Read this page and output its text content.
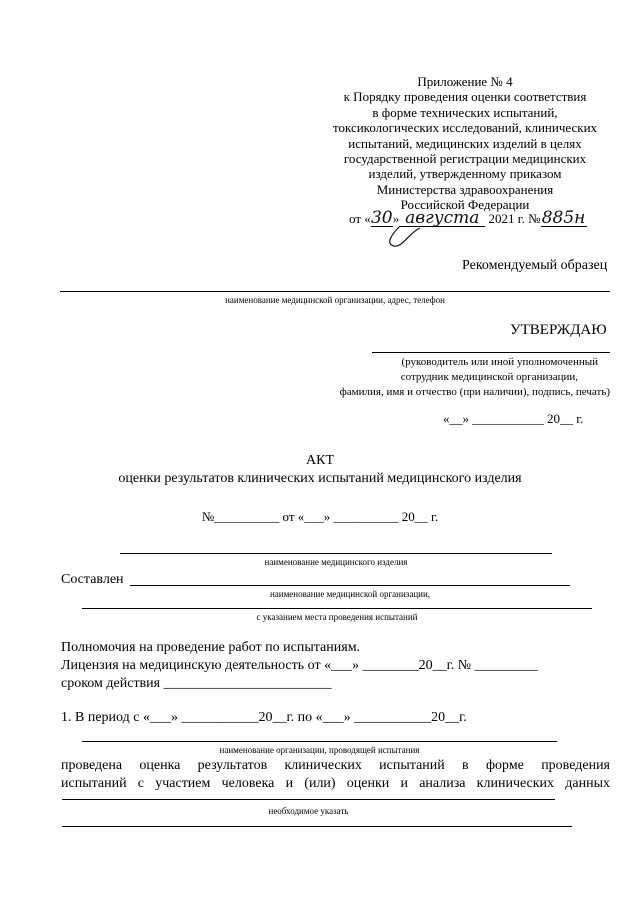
Приложение № 4
к Порядку проведения оценки соответствия
в форме технических испытаний,
токсикологических исследований, клинических
испытаний, медицинских изделий в целях
государственной регистрации медицинских
изделий, утвержденному приказом
Министерства здравоохранения
Российской Федерации
от «30» августа 2021 г. №885н
Рекомендуемый образец
наименование медицинской организации, адрес, телефон
УТВЕРЖДАЮ
(руководитель или иной уполномоченный
сотрудник медицинской организации,
фамилия, имя и отчество (при наличии), подпись, печать)
«__» ___________ 20__ г.
АКТ
оценки результатов клинических испытаний медицинского изделия
№__________ от «___» __________ 20__ г.
наименование медицинского изделия
Составлен
наименование медицинской организации,
с указанием места проведения испытаний
Полномочия на проведение работ по испытаниям.
Лицензия на медицинскую деятельность от «___» ________20__г. № _________
сроком действия ________________________
1. В период с «___» ___________20__г. по «___» ___________20__г.
наименование организации, проводящей испытания
проведена оценка результатов клинических испытаний в форме проведения
испытаний с участием человека и (или) оценки и анализа клинических данных
необходимое указать
